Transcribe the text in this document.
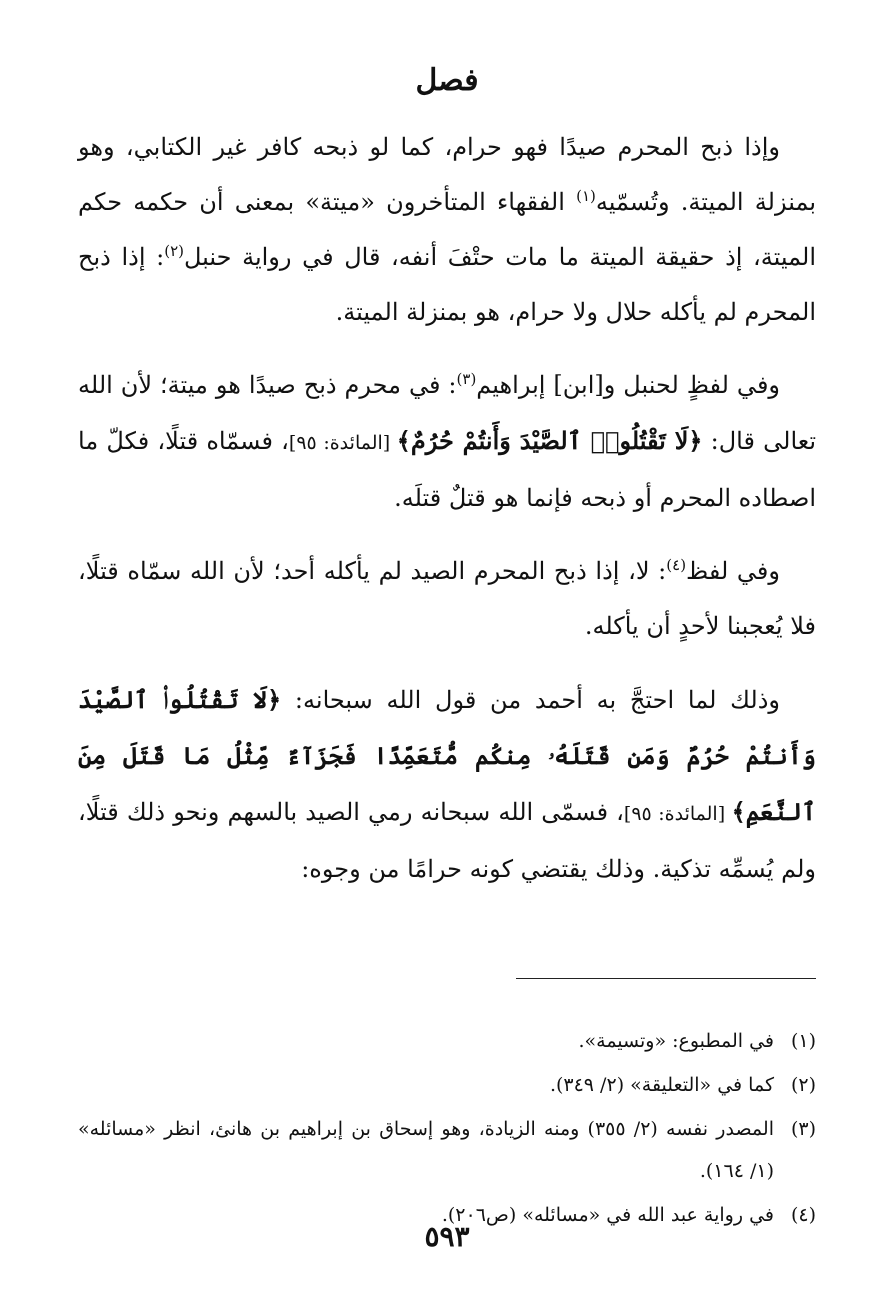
فصل

وإذا ذبح المحرم صيدًا فهو حرام، كما لو ذبحه كافر غير الكتابي، وهو بمنزلة الميتة. وتُسمّيه$^{(١)}$ الفقهاء المتأخرون «ميتة» بمعنى أن حكمه حكم الميتة، إذ حقيقة الميتة ما مات حتْفَ أنفه، قال في رواية حنبل$^{(٢)}$: إذا ذبح المحرم لم يأكله حلال ولا حرام، هو بمنزلة الميتة.

وفي لفظٍ لحنبل و[ابن] إبراهيم$^{(٣)}$: في محرم ذبح صيدًا هو ميتة؛ لأن الله تعالى قال: ﴿لَا تَقْتُلُوا۟ ٱلصَّيْدَ وَأَنتُمْ حُرُمٌ﴾ [المائدة: ٩٥]، فسمّاه قتلًا، فكلّ ما اصطاده المحرم أو ذبحه فإنما هو قتلٌ قتلَه.

وفي لفظ$^{(٤)}$: لا، إذا ذبح المحرم الصيد لم يأكله أحد؛ لأن الله سمّاه قتلًا، فلا يُعجبنا لأحدٍ أن يأكله.

وذلك لما احتجَّ به أحمد من قول الله سبحانه: ﴿لَا تَقْتُلُوا۟ ٱلصَّيْدَ وَأَنتُمْ حُرُمٌ وَمَن قَتَلَهُۥ مِنكُم مُّتَعَمِّدًا فَجَزَآءٌ مِّثْلُ مَا قَتَلَ مِنَ ٱلنَّعَمِ﴾ [المائدة: ٩٥]، فسمّى الله سبحانه رمي الصيد بالسهم ونحو ذلك قتلًا، ولم يُسمِّه تذكية. وذلك يقتضي كونه حرامًا من وجوه:

(١)
في المطبوع: «وتسيمة».
(٢)
كما في «التعليقة» (٢/ ٣٤٩).
(٣)
المصدر نفسه (٢/ ٣٥٥) ومنه الزيادة، وهو إسحاق بن إبراهيم بن هانئ، انظر «مسائله» (١/ ١٦٤).
(٤)
في رواية عبد الله في «مسائله» (ص٢٠٦).
٥٩٣
